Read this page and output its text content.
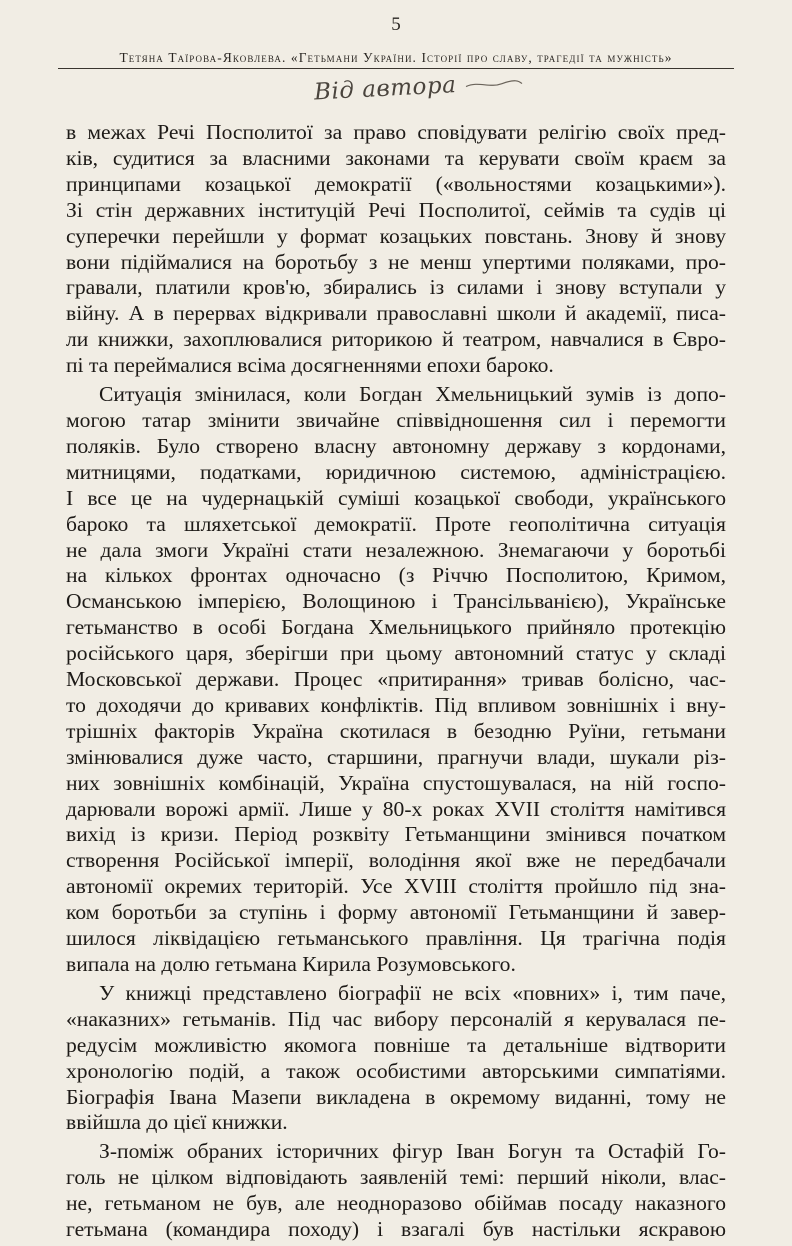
5
Тетяна Таїрова-Яковлева. «Гетьмани України. Історії про славу, трагедії та мужність»
Від автора
в межах Речі Посполитої за право сповідувати релігію своїх пред-
ків, судитися за власними законами та керувати своїм краєм за
принципами козацької демократії («вольностями козацькими»).
Зі стін державних інституцій Речі Посполитої, сеймів та судів ці
суперечки перейшли у формат козацьких повстань. Знову й знову
вони підіймалися на боротьбу з не менш упертими поляками, про-
гравали, платили кров'ю, збирались із силами і знову вступали у
війну. А в перервах відкривали православні школи й академії, писа-
ли книжки, захоплювалися риторикою й театром, навчалися в Євро-
пі та переймалися всіма досягненнями епохи бароко.
Ситуація змінилася, коли Богдан Хмельницький зумів із допо-
могою татар змінити звичайне співвідношення сил і перемогти
поляків. Було створено власну автономну державу з кордонами,
митницями, податками, юридичною системою, адміністрацією.
І все це на чудернацькій суміші козацької свободи, українського
бароко та шляхетської демократії. Проте геополітична ситуація
не дала змоги Україні стати незалежною. Знемагаючи у боротьбі
на кількох фронтах одночасно (з Річчю Посполитою, Кримом,
Османською імперією, Волощиною і Трансільванією), Українське
гетьманство в особі Богдана Хмельницького прийняло протекцію
російського царя, зберігши при цьому автономний статус у складі
Московської держави. Процес «притирання» тривав болісно, час-
то доходячи до кривавих конфліктів. Під впливом зовнішніх і вну-
трішніх факторів Україна скотилася в безодню Руїни, гетьмани
змінювалися дуже часто, старшини, прагнучи влади, шукали різ-
них зовнішніх комбінацій, Україна спустошувалася, на ній госпо-
дарювали ворожі армії. Лише у 80-х роках XVII століття намітився
вихід із кризи. Період розквіту Гетьманщини змінився початком
створення Російської імперії, володіння якої вже не передбачали
автономії окремих територій. Усе XVIII століття пройшло під зна-
ком боротьби за ступінь і форму автономії Гетьманщини й завер-
шилося ліквідацією гетьманського правління. Ця трагічна подія
випала на долю гетьмана Кирила Розумовського.
У книжці представлено біографії не всіх «повних» і, тим паче,
«наказних» гетьманів. Під час вибору персоналій я керувалася пе-
редусім можливістю якомога повніше та детальніше відтворити
хронологію подій, а також особистими авторськими симпатіями.
Біографія Івана Мазепи викладена в окремому виданні, тому не
ввійшла до цієї книжки.
З-поміж обраних історичних фігур Іван Богун та Остафій Го-
голь не цілком відповідають заявленій темі: перший ніколи, влас-
не, гетьманом не був, але неодноразово обіймав посаду наказного
гетьмана (командира походу) і взагалі був настільки яскравою
